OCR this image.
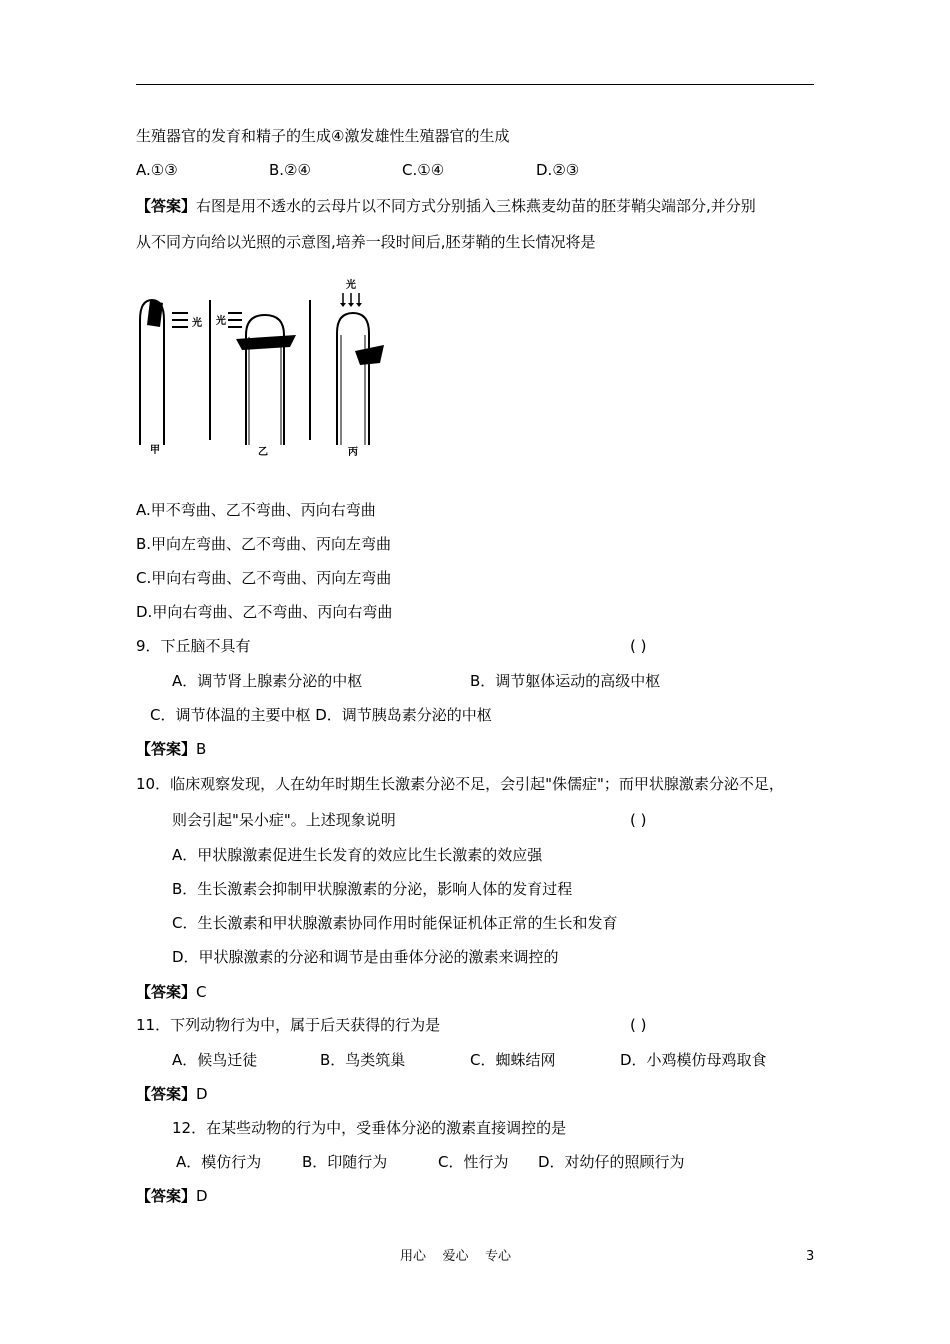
生殖器官的发育和精子的生成④激发雄性生殖器官的生成
A.①③	B.②④	C.①④	D.②③
【答案】右图是用不透水的云母片以不同方式分别插入三株燕麦幼苗的胚芽鞘尖端部分,并分别
从不同方向给以光照的示意图,培养一段时间后,胚芽鞘的生长情况将是
光
甲
光
乙
光
丙
A.甲不弯曲、乙不弯曲、丙向右弯曲
B.甲向左弯曲、乙不弯曲、丙向左弯曲
C.甲向右弯曲、乙不弯曲、丙向左弯曲
D.甲向右弯曲、乙不弯曲、丙向右弯曲
9．下丘脑不具有	( )
A．调节肾上腺素分泌的中枢	B．调节躯体运动的高级中枢
C．调节体温的主要中枢 D．调节胰岛素分泌的中枢
【答案】B
10．临床观察发现，人在幼年时期生长激素分泌不足，会引起"侏儒症"；而甲状腺激素分泌不足，
则会引起"呆小症"。上述现象说明	( )
A．甲状腺激素促进生长发育的效应比生长激素的效应强
B．生长激素会抑制甲状腺激素的分泌，影响人体的发育过程
C．生长激素和甲状腺激素协同作用时能保证机体正常的生长和发育
D．甲状腺激素的分泌和调节是由垂体分泌的激素来调控的
【答案】C
11．下列动物行为中，属于后天获得的行为是	( )
A．候鸟迁徒	B．鸟类筑巢	C．蜘蛛结网	D．小鸡模仿母鸡取食
【答案】D
12．在某些动物的行为中，受垂体分泌的激素直接调控的是
A．模仿行为	B．印随行为	C．性行为 D．对幼仔的照顾行为
【答案】D
用心    爱心    专心	3
